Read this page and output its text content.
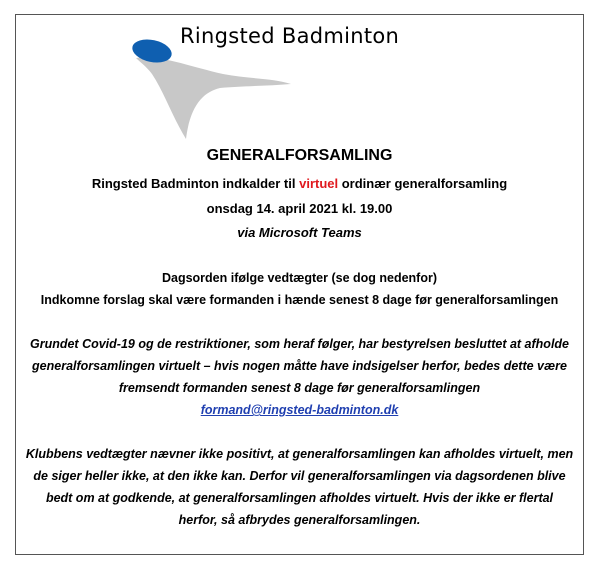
Ringsted Badminton
GENERALFORSAMLING
Ringsted Badminton indkalder til virtuel ordinær generalforsamling
onsdag 14. april 2021 kl. 19.00
via Microsoft Teams
Dagsorden ifølge vedtægter (se dog nedenfor)
Indkomne forslag skal være formanden i hænde senest 8 dage før generalforsamlingen
Grundet Covid-19 og de restriktioner, som heraf følger, har bestyrelsen besluttet at afholde
generalforsamlingen virtuelt – hvis nogen måtte have indsigelser herfor, bedes dette være
fremsendt formanden senest 8 dage før generalforsamlingen
formand@ringsted-badminton.dk
Klubbens vedtægter nævner ikke positivt, at generalforsamlingen kan afholdes virtuelt, men
de siger heller ikke, at den ikke kan. Derfor vil generalforsamlingen via dagsordenen blive
bedt om at godkende, at generalforsamlingen afholdes virtuelt. Hvis der ikke er flertal
herfor, så afbrydes generalforsamlingen.
